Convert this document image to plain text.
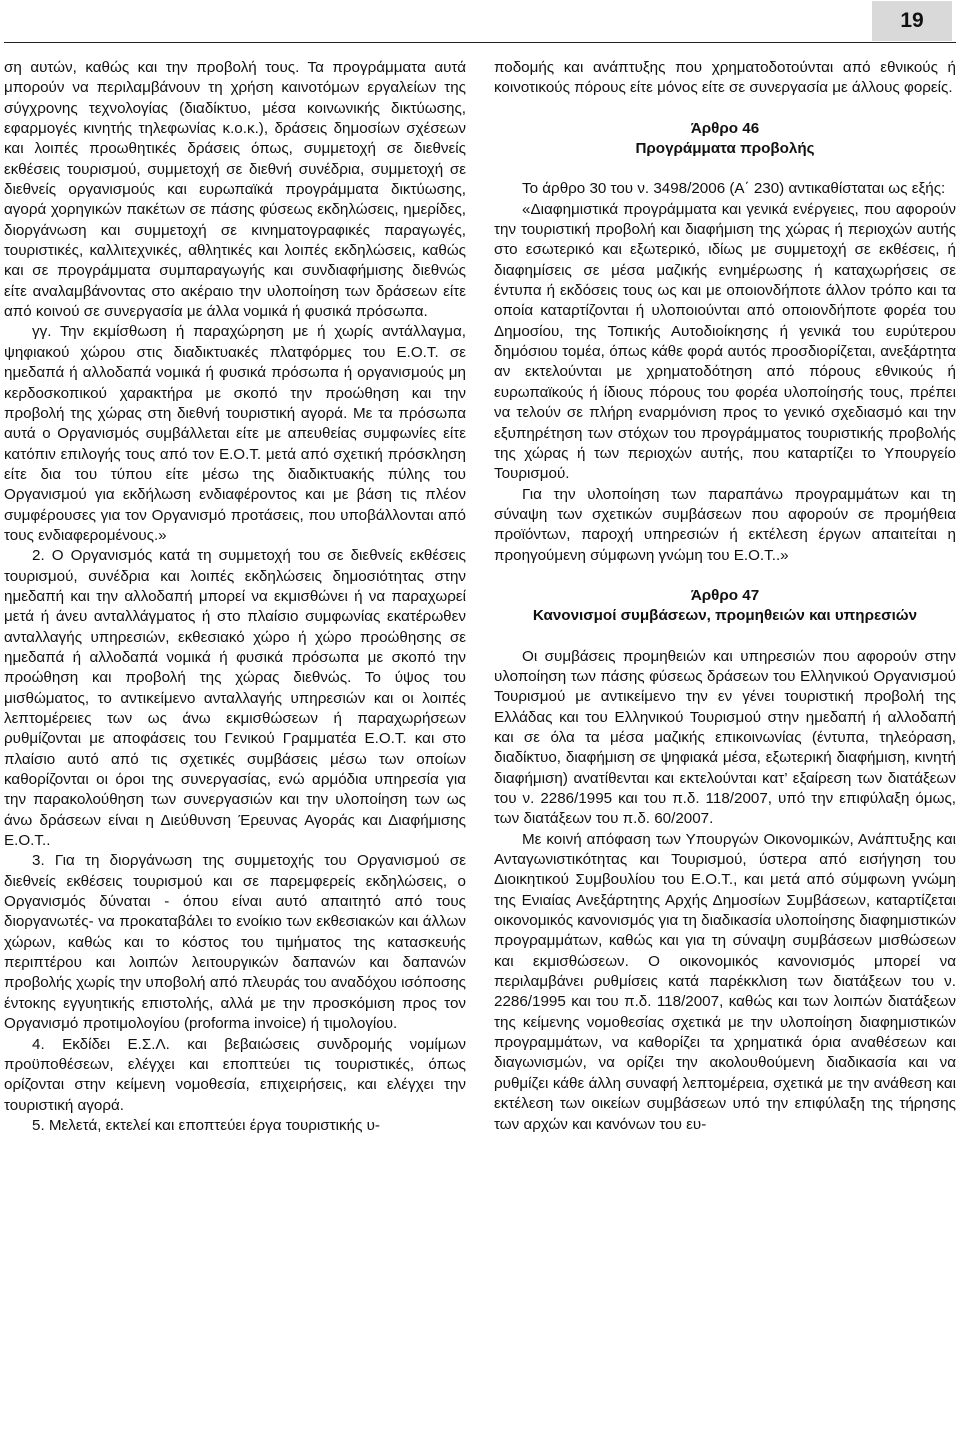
19

ση αυτών, καθώς και την προβολή τους. Τα προγράμματα αυτά μπορούν να περιλαμβάνουν τη χρήση καινοτόμων εργαλείων της σύγχρονης τεχνολογίας (διαδίκτυο, μέσα κοινωνικής δικτύωσης, εφαρμογές κινητής τηλεφωνίας κ.ο.κ.), δράσεις δημοσίων σχέσεων και λοιπές προωθητικές δράσεις όπως, συμμετοχή σε διεθνείς εκθέσεις τουρισμού, συμμετοχή σε διεθνή συνέδρια, συμμετοχή σε διεθνείς οργανισμούς και ευρωπαϊκά προγράμματα δικτύωσης, αγορά χορηγικών πακέτων σε πάσης φύσεως εκδηλώσεις, ημερίδες, διοργάνωση και συμμετοχή σε κινηματογραφικές παραγωγές, τουριστικές, καλλιτεχνικές, αθλητικές και λοιπές εκδηλώσεις, καθώς και σε προγράμματα συμπαραγωγής και συνδιαφήμισης διεθνώς είτε αναλαμβάνοντας στο ακέραιο την υλοποίηση των δράσεων είτε από κοινού σε συνεργασία με άλλα νομικά ή φυσικά πρόσωπα.

γγ. Την εκμίσθωση ή παραχώρηση με ή χωρίς αντάλλαγμα, ψηφιακού χώρου στις διαδικτυακές πλατφόρμες του Ε.Ο.Τ. σε ημεδαπά ή αλλοδαπά νομικά ή φυσικά πρόσωπα ή οργανισμούς μη κερδοσκοπικού χαρακτήρα με σκοπό την προώθηση και την προβολή της χώρας στη διεθνή τουριστική αγορά. Με τα πρόσωπα αυτά ο Οργανισμός συμβάλλεται είτε με απευθείας συμφωνίες είτε κατόπιν επιλογής τους από τον Ε.Ο.Τ. μετά από σχετική πρόσκληση είτε δια του τύπου είτε μέσω της διαδικτυακής πύλης του Οργανισμού για εκδήλωση ενδιαφέροντος και με βάση τις πλέον συμφέρουσες για τον Οργανισμό προτάσεις, που υποβάλλονται από τους ενδιαφερομένους.»

2. Ο Οργανισμός κατά τη συμμετοχή του σε διεθνείς εκθέσεις τουρισμού, συνέδρια και λοιπές εκδηλώσεις δημοσιότητας στην ημεδαπή και την αλλοδαπή μπορεί να εκμισθώνει ή να παραχωρεί μετά ή άνευ ανταλλάγματος ή στο πλαίσιο συμφωνίας εκατέρωθεν ανταλλαγής υπηρεσιών, εκθεσιακό χώρο ή χώρο προώθησης σε ημεδαπά ή αλλοδαπά νομικά ή φυσικά πρόσωπα με σκοπό την προώθηση και προβολή της χώρας διεθνώς. Το ύψος του μισθώματος, το αντικείμενο ανταλλαγής υπηρεσιών και οι λοιπές λεπτομέρειες των ως άνω εκμισθώσεων ή παραχωρήσεων ρυθμίζονται με αποφάσεις του Γενικού Γραμματέα Ε.Ο.Τ. και στο πλαίσιο αυτό από τις σχετικές συμβάσεις μέσω των οποίων καθορίζονται οι όροι της συνεργασίας, ενώ αρμόδια υπηρεσία για την παρακολούθηση των συνεργασιών και την υλοποίηση των ως άνω δράσεων είναι η Διεύθυνση Έρευνας Αγοράς και Διαφήμισης Ε.Ο.Τ..

3. Για τη διοργάνωση της συμμετοχής του Οργανισμού σε διεθνείς εκθέσεις τουρισμού και σε παρεμφερείς εκδηλώσεις, ο Οργανισμός δύναται - όπου είναι αυτό απαιτητό από τους διοργανωτές- να προκαταβάλει το ενοίκιο των εκθεσιακών και άλλων χώρων, καθώς και το κόστος του τιμήματος της κατασκευής περιπτέρου και λοιπών λειτουργικών δαπανών και δαπανών προβολής χωρίς την υποβολή από πλευράς του αναδόχου ισόποσης έντοκης εγγυητικής επιστολής, αλλά με την προσκόμιση προς τον Οργανισμό προτιμολογίου (proforma invoice) ή τιμολογίου.

4. Εκδίδει Ε.Σ.Λ. και βεβαιώσεις συνδρομής νομίμων προϋποθέσεων, ελέγχει και εποπτεύει τις τουριστικές, όπως ορίζονται στην κείμενη νομοθεσία, επιχειρήσεις, και ελέγχει την τουριστική αγορά.

5. Μελετά, εκτελεί και εποπτεύει έργα τουριστικής υ-

ποδομής και ανάπτυξης που χρηματοδοτούνται από εθνικούς ή κοινοτικούς πόρους είτε μόνος είτε σε συνεργασία με άλλους φορείς.

Άρθρο 46

Προγράμματα προβολής

Το άρθρο 30 του ν. 3498/2006 (Α΄ 230) αντικαθίσταται ως εξής:

«Διαφημιστικά προγράμματα και γενικά ενέργειες, που αφορούν την τουριστική προβολή και διαφήμιση της χώρας ή περιοχών αυτής στο εσωτερικό και εξωτερικό, ιδίως με συμμετοχή σε εκθέσεις, ή διαφημίσεις σε μέσα μαζικής ενημέρωσης ή καταχωρήσεις σε έντυπα ή εκδόσεις τους ως και με οποιονδήποτε άλλον τρόπο και τα οποία καταρτίζονται ή υλοποιούνται από οποιονδήποτε φορέα του Δημοσίου, της Τοπικής Αυτοδιοίκησης ή γενικά του ευρύτερου δημόσιου τομέα, όπως κάθε φορά αυτός προσδιορίζεται, ανεξάρτητα αν εκτελούνται με χρηματοδότηση από πόρους εθνικούς ή ευρωπαϊκούς ή ίδιους πόρους του φορέα υλοποίησής τους, πρέπει να τελούν σε πλήρη εναρμόνιση προς το γενικό σχεδιασμό και την εξυπηρέτηση των στόχων του προγράμματος τουριστικής προβολής της χώρας ή των περιοχών αυτής, που καταρτίζει το Υπουργείο Τουρισμού.

Για την υλοποίηση των παραπάνω προγραμμάτων και τη σύναψη των σχετικών συμβάσεων που αφορούν σε προμήθεια προϊόντων, παροχή υπηρεσιών ή εκτέλεση έργων απαιτείται η προηγούμενη σύμφωνη γνώμη του Ε.Ο.Τ..»

Άρθρο 47

Κανονισμοί συμβάσεων, προμηθειών και υπηρεσιών

Οι συμβάσεις προμηθειών και υπηρεσιών που αφορούν στην υλοποίηση των πάσης φύσεως δράσεων του Ελληνικού Οργανισμού Τουρισμού με αντικείμενο την εν γένει τουριστική προβολή της Ελλάδας και του Ελληνικού Τουρισμού στην ημεδαπή ή αλλοδαπή και σε όλα τα μέσα μαζικής επικοινωνίας (έντυπα, τηλεόραση, διαδίκτυο, διαφήμιση σε ψηφιακά μέσα, εξωτερική διαφήμιση, κινητή διαφήμιση) ανατίθενται και εκτελούνται κατ’ εξαίρεση των διατάξεων του ν. 2286/1995 και του π.δ. 118/2007, υπό την επιφύλαξη όμως, των διατάξεων του π.δ. 60/2007.

Με κοινή απόφαση των Υπουργών Οικονομικών, Ανάπτυξης και Ανταγωνιστικότητας και Τουρισμού, ύστερα από εισήγηση του Διοικητικού Συμβουλίου του Ε.Ο.Τ., και μετά από σύμφωνη γνώμη της Ενιαίας Ανεξάρτητης Αρχής Δημοσίων Συμβάσεων, καταρτίζεται οικονομικός κανονισμός για τη διαδικασία υλοποίησης διαφημιστικών προγραμμάτων, καθώς και για τη σύναψη συμβάσεων μισθώσεων και εκμισθώσεων. Ο οικονομικός κανονισμός μπορεί να περιλαμβάνει ρυθμίσεις κατά παρέκκλιση των διατάξεων του ν. 2286/1995 και του π.δ. 118/2007, καθώς και των λοιπών διατάξεων της κείμενης νομοθεσίας σχετικά με την υλοποίηση διαφημιστικών προγραμμάτων, να καθορίζει τα χρηματικά όρια αναθέσεων και διαγωνισμών, να ορίζει την ακολουθούμενη διαδικασία και να ρυθμίζει κάθε άλλη συναφή λεπτομέρεια, σχετικά με την ανάθεση και εκτέλεση των οικείων συμβάσεων υπό την επιφύλαξη της τήρησης των αρχών και κανόνων του ευ-
